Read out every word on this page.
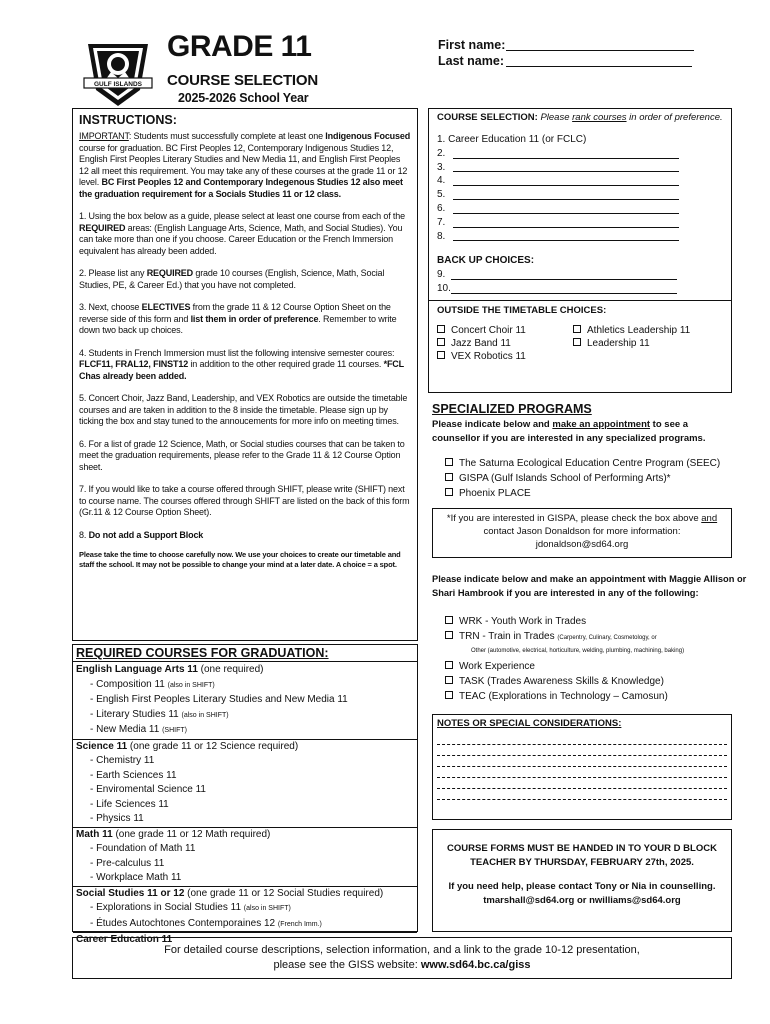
GULF ISLANDS
GRADE 11
COURSE SELECTION
2025-2026 School Year
First name:
Last name:
INSTRUCTIONS:
IMPORTANT: Students must successfully complete at least one Indigenous Focused course for graduation. BC First Peoples 12, Contemporary Indigenous Studies 12, English First Peoples Literary Studies and New Media 11, and English First Peoples 12 all meet this requirement. You may take any of these courses at the grade 11 or 12 level. BC First Peoples 12 and Contemporary Indegenous Studies 12 also meet the graduation requirement for a Socials Studies 11 or 12 class.
1. Using the box below as a guide, please select at least one course from each of the REQUIRED areas: (English Language Arts, Science, Math, and Social Studies). You can take more than one if you choose. Career Education or the French Immersion equivalent has already been added.
2. Please list any REQUIRED grade 10 courses (English, Science, Math, Social Studies, PE, & Career Ed.) that you have not completed.
3. Next, choose ELECTIVES from the grade 11 & 12 Course Option Sheet on the reverse side of this form and list them in order of preference. Remember to write down two back up choices.
4. Students in French Immersion must list the following intensive semester coures: FLCF11, FRAL12, FINST12 in addition to the other required grade 11 courses. *FCL Chas already been added.
5. Concert Choir, Jazz Band, Leadership, and VEX Robotics are outside the timetable courses and are taken in addition to the 8 inside the timetable. Please sign up by ticking the box and stay tuned to the annoucements for more info on meeting times.
6. For a list of grade 12 Science, Math, or Social studies courses that can be taken to meet the graduation requirements, please refer to the Grade 11 & 12 Course Option sheet.
7. If you would like to take a course offered through SHIFT, please write (SHIFT) next to course name. The courses offered through SHIFT are listed on the back of this form (Gr.11 & 12 Course Option Sheet).
8. Do not add a Support Block
Please take the time to choose carefully now. We use your choices to create our timetable and staff the school. It may not be possible to change your mind at a later date. A choice = a spot.
REQUIRED COURSES FOR GRADUATION:
English Language Arts 11 (one required)
- Composition 11 (also in SHIFT)
- English First Peoples Literary Studies and New Media 11
- Literary Studies 11 (also in SHIFT)
- New Media 11 (SHIFT)
Science 11 (one grade 11 or 12 Science required)
- Chemistry 11
- Earth Sciences 11
- Enviromental Science 11
- Life Sciences 11
- Physics 11
Math 11 (one grade 11 or 12 Math required)
- Foundation of Math 11
- Pre-calculus 11
- Workplace Math 11
Social Studies 11 or 12 (one grade 11 or 12 Social Studies required)
- Explorations in Social Studies 11 (also in SHIFT)
- Études Autochtones Contemporaines 12 (French Imm.)
Career Education 11
COURSE SELECTION: Please rank courses in order of preference.
1. Career Education 11 (or FCLC)
2.
3.
4.
5.
6.
7.
8.
BACK UP CHOICES:
9.
10.
OUTSIDE THE TIMETABLE CHOICES:
Concert Choir 11
Jazz Band 11
VEX Robotics 11
Athletics Leadership 11
Leadership 11
SPECIALIZED PROGRAMS
Please indicate below and make an appointment to see a counsellor if you are interested in any specialized programs.
The Saturna Ecological Education Centre Program (SEEC)
GISPA (Gulf Islands School of Performing Arts)*
Phoenix PLACE
*If you are interested in GISPA, please check the box above and
contact Jason Donaldson for more information:
jdonaldson@sd64.org
Please indicate below and make an appointment with Maggie Allison or Shari Hambrook if you are interested in any of the following:
WRK - Youth Work in Trades
TRN - Train in Trades (Carpentry, Culinary, Cosmetology, or
Other (automotive, electrical, horticulture, welding, plumbing, machining, baking)
Work Experience
TASK (Trades Awareness Skills & Knowledge)
TEAC (Explorations in Technology – Camosun)
NOTES OR SPECIAL CONSIDERATIONS:
COURSE FORMS MUST BE HANDED IN TO YOUR D BLOCK TEACHER BY THURSDAY, FEBRUARY 27th, 2025.
If you need help, please contact Tony or Nia in counselling.
tmarshall@sd64.org or nwilliams@sd64.org
For detailed course descriptions, selection information, and a link to the grade 10-12 presentation,
please see the GISS website: www.sd64.bc.ca/giss
